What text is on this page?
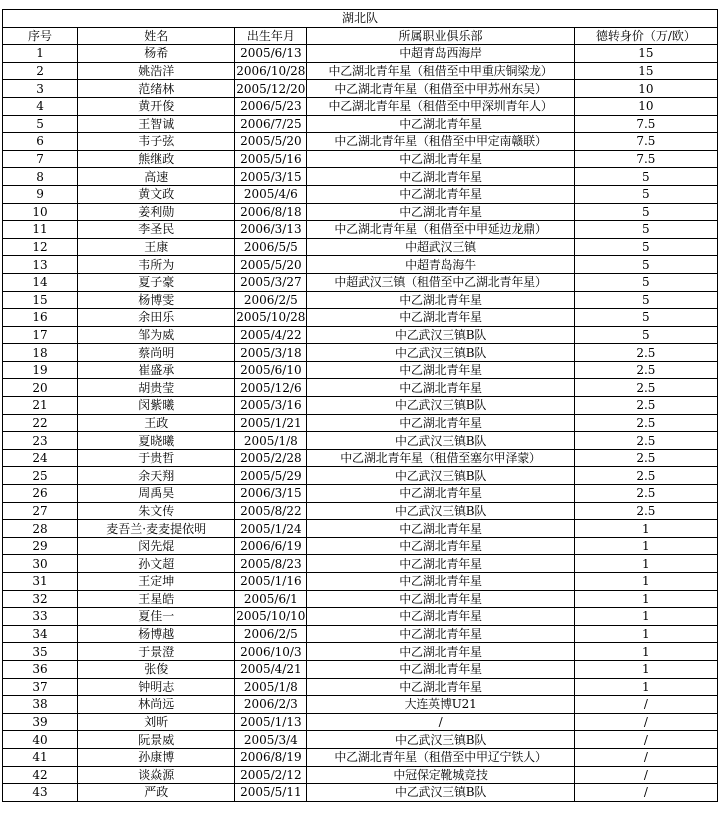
湖北队				
序号	姓名	出生年月	所属职业俱乐部	德转身价（万/欧）
1	杨希	2005/6/13	中超青岛西海岸	15
2	姚浩洋	2006/10/28	中乙湖北青年星（租借至中甲重庆铜梁龙）	15
3	范绪林	2005/12/20	中乙湖北青年星（租借至中甲苏州东吴）	10
4	黄开俊	2006/5/23	中乙湖北青年星（租借至中甲深圳青年人）	10
5	王智诚	2006/7/25	中乙湖北青年星	7.5
6	韦子弦	2005/5/20	中乙湖北青年星（租借至中甲定南赣联）	7.5
7	熊继政	2005/5/16	中乙湖北青年星	7.5
8	高速	2005/3/15	中乙湖北青年星	5
9	黄文政	2005/4/6	中乙湖北青年星	5
10	姜利勋	2006/8/18	中乙湖北青年星	5
11	李圣民	2006/3/13	中乙湖北青年星（租借至中甲延边龙鼎）	5
12	王康	2006/5/5	中超武汉三镇	5
13	韦所为	2005/5/20	中超青岛海牛	5
14	夏子豪	2005/3/27	中超武汉三镇（租借至中乙湖北青年星）	5
15	杨博雯	2006/2/5	中乙湖北青年星	5
16	余田乐	2005/10/28	中乙湖北青年星	5
17	邹为威	2005/4/22	中乙武汉三镇B队	5
18	蔡尚明	2005/3/18	中乙武汉三镇B队	2.5
19	崔盛承	2005/6/10	中乙湖北青年星	2.5
20	胡贵莹	2005/12/6	中乙湖北青年星	2.5
21	闵紫曦	2005/3/16	中乙武汉三镇B队	2.5
22	王政	2005/1/21	中乙湖北青年星	2.5
23	夏晓曦	2005/1/8	中乙武汉三镇B队	2.5
24	于贵哲	2005/2/28	中乙湖北青年星（租借至塞尔甲泽蒙）	2.5
25	余天翔	2005/5/29	中乙武汉三镇B队	2.5
26	周禹昊	2006/3/15	中乙湖北青年星	2.5
27	朱文传	2005/8/22	中乙武汉三镇B队	2.5
28	麦吾兰·麦麦提依明	2005/1/24	中乙湖北青年星	1
29	闵先焜	2006/6/19	中乙湖北青年星	1
30	孙文超	2005/8/23	中乙湖北青年星	1
31	王定坤	2005/1/16	中乙湖北青年星	1
32	王星皓	2005/6/1	中乙湖北青年星	1
33	夏佳一	2005/10/10	中乙湖北青年星	1
34	杨博越	2006/2/5	中乙湖北青年星	1
35	于景澄	2006/10/3	中乙湖北青年星	1
36	张俊	2005/4/21	中乙湖北青年星	1
37	钟明志	2005/1/8	中乙湖北青年星	1
38	林尚远	2006/2/3	大连英博U21	/
39	刘昕	2005/1/13	/	/
40	阮景威	2005/3/4	中乙武汉三镇B队	/
41	孙康博	2006/8/19	中乙湖北青年星（租借至中甲辽宁铁人）	/
42	谈焱源	2005/2/12	中冠保定靴城竞技	/
43	严政	2005/5/11	中乙武汉三镇B队	/
